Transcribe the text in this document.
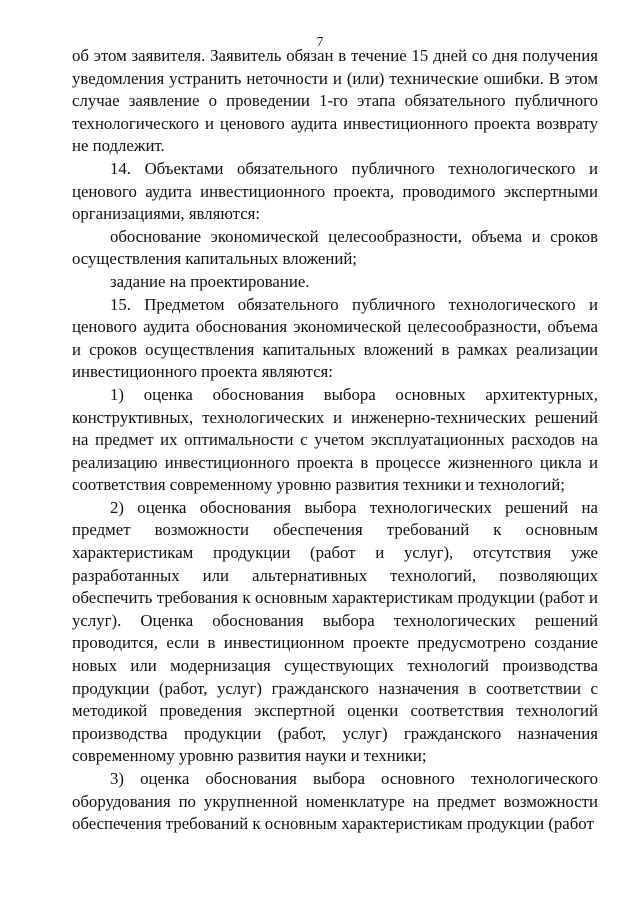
7

об этом заявителя. Заявитель обязан в течение 15 дней со дня получения уведомления устранить неточности и (или) технические ошибки. В этом случае заявление о проведении 1-го этапа обязательного публичного технологического и ценового аудита инвестиционного проекта возврату не подлежит.

14. Объектами обязательного публичного технологического и ценового аудита инвестиционного проекта, проводимого экспертными организациями, являются:

обоснование экономической целесообразности, объема и сроков осуществления капитальных вложений;

задание на проектирование.

15. Предметом обязательного публичного технологического и ценового аудита обоснования экономической целесообразности, объема и сроков осуществления капитальных вложений в рамках реализации инвестиционного проекта являются:

1) оценка обоснования выбора основных архитектурных, конструктивных, технологических и инженерно-технических решений на предмет их оптимальности с учетом эксплуатационных расходов на реализацию инвестиционного проекта в процессе жизненного цикла и соответствия современному уровню развития техники и технологий;

2) оценка обоснования выбора технологических решений на предмет возможности обеспечения требований к основным характеристикам продукции (работ и услуг), отсутствия уже разработанных или альтернативных технологий, позволяющих обеспечить требования к основным характеристикам продукции (работ и услуг). Оценка обоснования выбора технологических решений проводится, если в инвестиционном проекте предусмотрено создание новых или модернизация существующих технологий производства продукции (работ, услуг) гражданского назначения в соответствии с методикой проведения экспертной оценки соответствия технологий производства продукции (работ, услуг) гражданского назначения современному уровню развития науки и техники;

3) оценка обоснования выбора основного технологического оборудования по укрупненной номенклатуре на предмет возможности обеспечения требований к основным характеристикам продукции (работ
